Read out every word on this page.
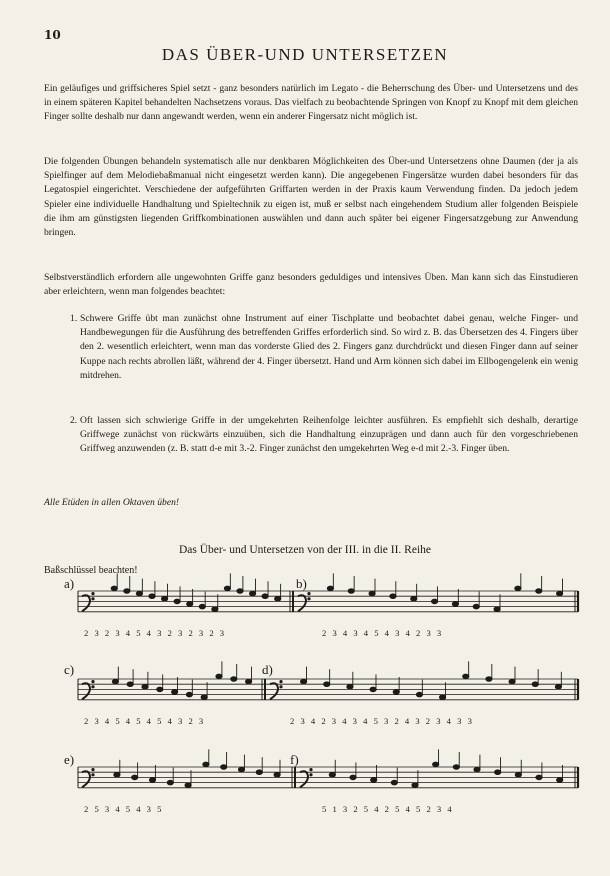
10
DAS ÜBER-UND UNTERSETZEN
Ein geläufiges und griffsicheres Spiel setzt - ganz besonders natürlich im Legato - die Beherrschung des Über- und Untersetzens und des in einem späteren Kapitel behandelten Nachsetzens voraus. Das vielfach zu beobachtende Springen von Knopf zu Knopf mit dem gleichen Finger sollte deshalb nur dann angewandt werden, wenn ein anderer Fingersatz nicht möglich ist.
Die folgenden Übungen behandeln systematisch alle nur denkbaren Möglichkeiten des Über-und Untersetzens ohne Daumen (der ja als Spielfinger auf dem Melodiebaßmanual nicht eingesetzt werden kann). Die angegebenen Fingersätze wurden dabei besonders für das Legatospiel eingerichtet. Verschiedene der aufgeführten Griffarten werden in der Praxis kaum Verwendung finden. Da jedoch jedem Spieler eine individuelle Handhaltung und Spieltechnik zu eigen ist, muß er selbst nach eingehendem Studium aller folgenden Beispiele die ihm am günstigsten liegenden Griffkombinationen auswählen und dann auch später bei eigener Fingersatzgebung zur Anwendung bringen.
Selbstverständlich erfordern alle ungewohnten Griffe ganz besonders geduldiges und intensives Üben. Man kann sich das Einstudieren aber erleichtern, wenn man folgendes beachtet:
1. Schwere Griffe übt man zunächst ohne Instrument auf einer Tischplatte und beobachtet dabei genau, welche Finger- und Handbewegungen für die Ausführung des betreffenden Griffes erforderlich sind. So wird z. B. das Übersetzen des 4. Fingers über den 2. wesentlich erleichtert, wenn man das vorderste Glied des 2. Fingers ganz durchdrückt und diesen Finger dann auf seiner Kuppe nach rechts abrollen läßt, während der 4. Finger übersetzt. Hand und Arm können sich dabei im Ellbogengelenk ein wenig mitdrehen.
2. Oft lassen sich schwierige Griffe in der umgekehrten Reihenfolge leichter ausführen. Es empfiehlt sich deshalb, derartige Griffwege zunächst von rückwärts einzuüben, sich die Handhaltung einzuprägen und dann auch für den vorgeschriebenen Griffweg anzuwenden (z. B. statt d-e mit 3.-2. Finger zunächst den umgekehrten Weg e-d mit 2.-3. Finger üben.
Alle Etüden in allen Oktaven üben!
Das Über- und Untersetzen von der III. in die II. Reihe
Baßschlüssel beachten!
a)	b)
c)	d)
e)	f)
2 3 2 3 4 5 4 3 2 3 2 3 2 3	2 3 4 3 4 5 4 3 4 2 3 3
2 3 4 5 4 5 4 5 4 3 2 3	2 3 4 2 3 4 3 4 5 3 2 4 3 2 3 4 3 3
2 5 3 4 5 4 3 5	5 1 3 2 5 4 2 5 4 5 2 3 4
